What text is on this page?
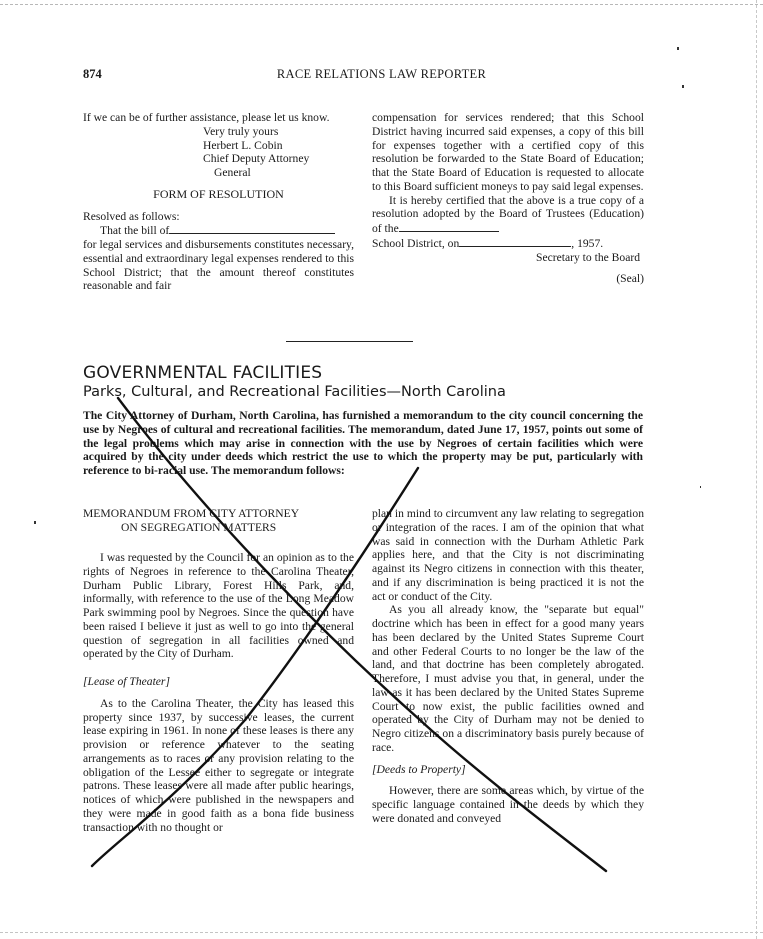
874	RACE RELATIONS LAW REPORTER

If we can be of further assistance, please let us know.

Very truly yours
Herbert L. Cobin
Chief Deputy Attorney
General

FORM OF RESOLUTION

Resolved as follows:

That the bill of

for legal services and disbursements constitutes necessary, essential and extraordinary legal expenses rendered to this School District; that the amount thereof constitutes reasonable and fair

compensation for services rendered; that this School District having incurred said expenses, a copy of this bill for expenses together with a certified copy of this resolution be forwarded to the State Board of Education; that the State Board of Education is requested to allocate to this Board sufficient moneys to pay said legal expenses.

It is hereby certified that the above is a true copy of a resolution adopted by the Board of Trustees (Education) of the

School District, on	, 1957.

Secretary to the Board

(Seal)

GOVERNMENTAL FACILITIES
Parks, Cultural, and Recreational Facilities—North Carolina
The City Attorney of Durham, North Carolina, has furnished a memorandum to the city council concerning the use by Negroes of cultural and recreational facilities. The memorandum, dated June 17, 1957, points out some of the legal problems which may arise in connection with the use by Negroes of certain facilities which were acquired by the city under deeds which restrict the use to which the property may be put, particularly with reference to bi-racial use. The memorandum follows:
MEMORANDUM FROM CITY ATTORNEY
ON SEGREGATION MATTERS

I was requested by the Council for an opinion as to the rights of Negroes in reference to the Carolina Theater, Durham Public Library, Forest Hills Park, and, informally, with reference to the use of the Long Meadow Park swimming pool by Negroes. Since the question have been raised I believe it just as well to go into the general question of segregation in all facilities owned and operated by the City of Durham.

[Lease of Theater]

As to the Carolina Theater, the City has leased this property since 1937, by successive leases, the current lease expiring in 1961. In none of these leases is there any provision or reference whatever to the seating arrangements as to races or any provision relating to the obligation of the Lessee either to segregate or integrate patrons. These leases were all made after public hearings, notices of which were published in the newspapers and they were made in good faith as a bona fide business transaction with no thought or

plan in mind to circumvent any law relating to segregation or integration of the races. I am of the opinion that what was said in connection with the Durham Athletic Park applies here, and that the City is not discriminating against its Negro citizens in connection with this theater, and if any discrimination is being practiced it is not the act or conduct of the City.

As you all already know, the "separate but equal" doctrine which has been in effect for a good many years has been declared by the United States Supreme Court and other Federal Courts to no longer be the law of the land, and that doctrine has been completely abrogated. Therefore, I must advise you that, in general, under the law as it has been declared by the United States Supreme Court to now exist, the public facilities owned and operated by the City of Durham may not be denied to Negro citizens on a discriminatory basis purely because of race.

[Deeds to Property]

However, there are some areas which, by virtue of the specific language contained in the deeds by which they were donated and conveyed
